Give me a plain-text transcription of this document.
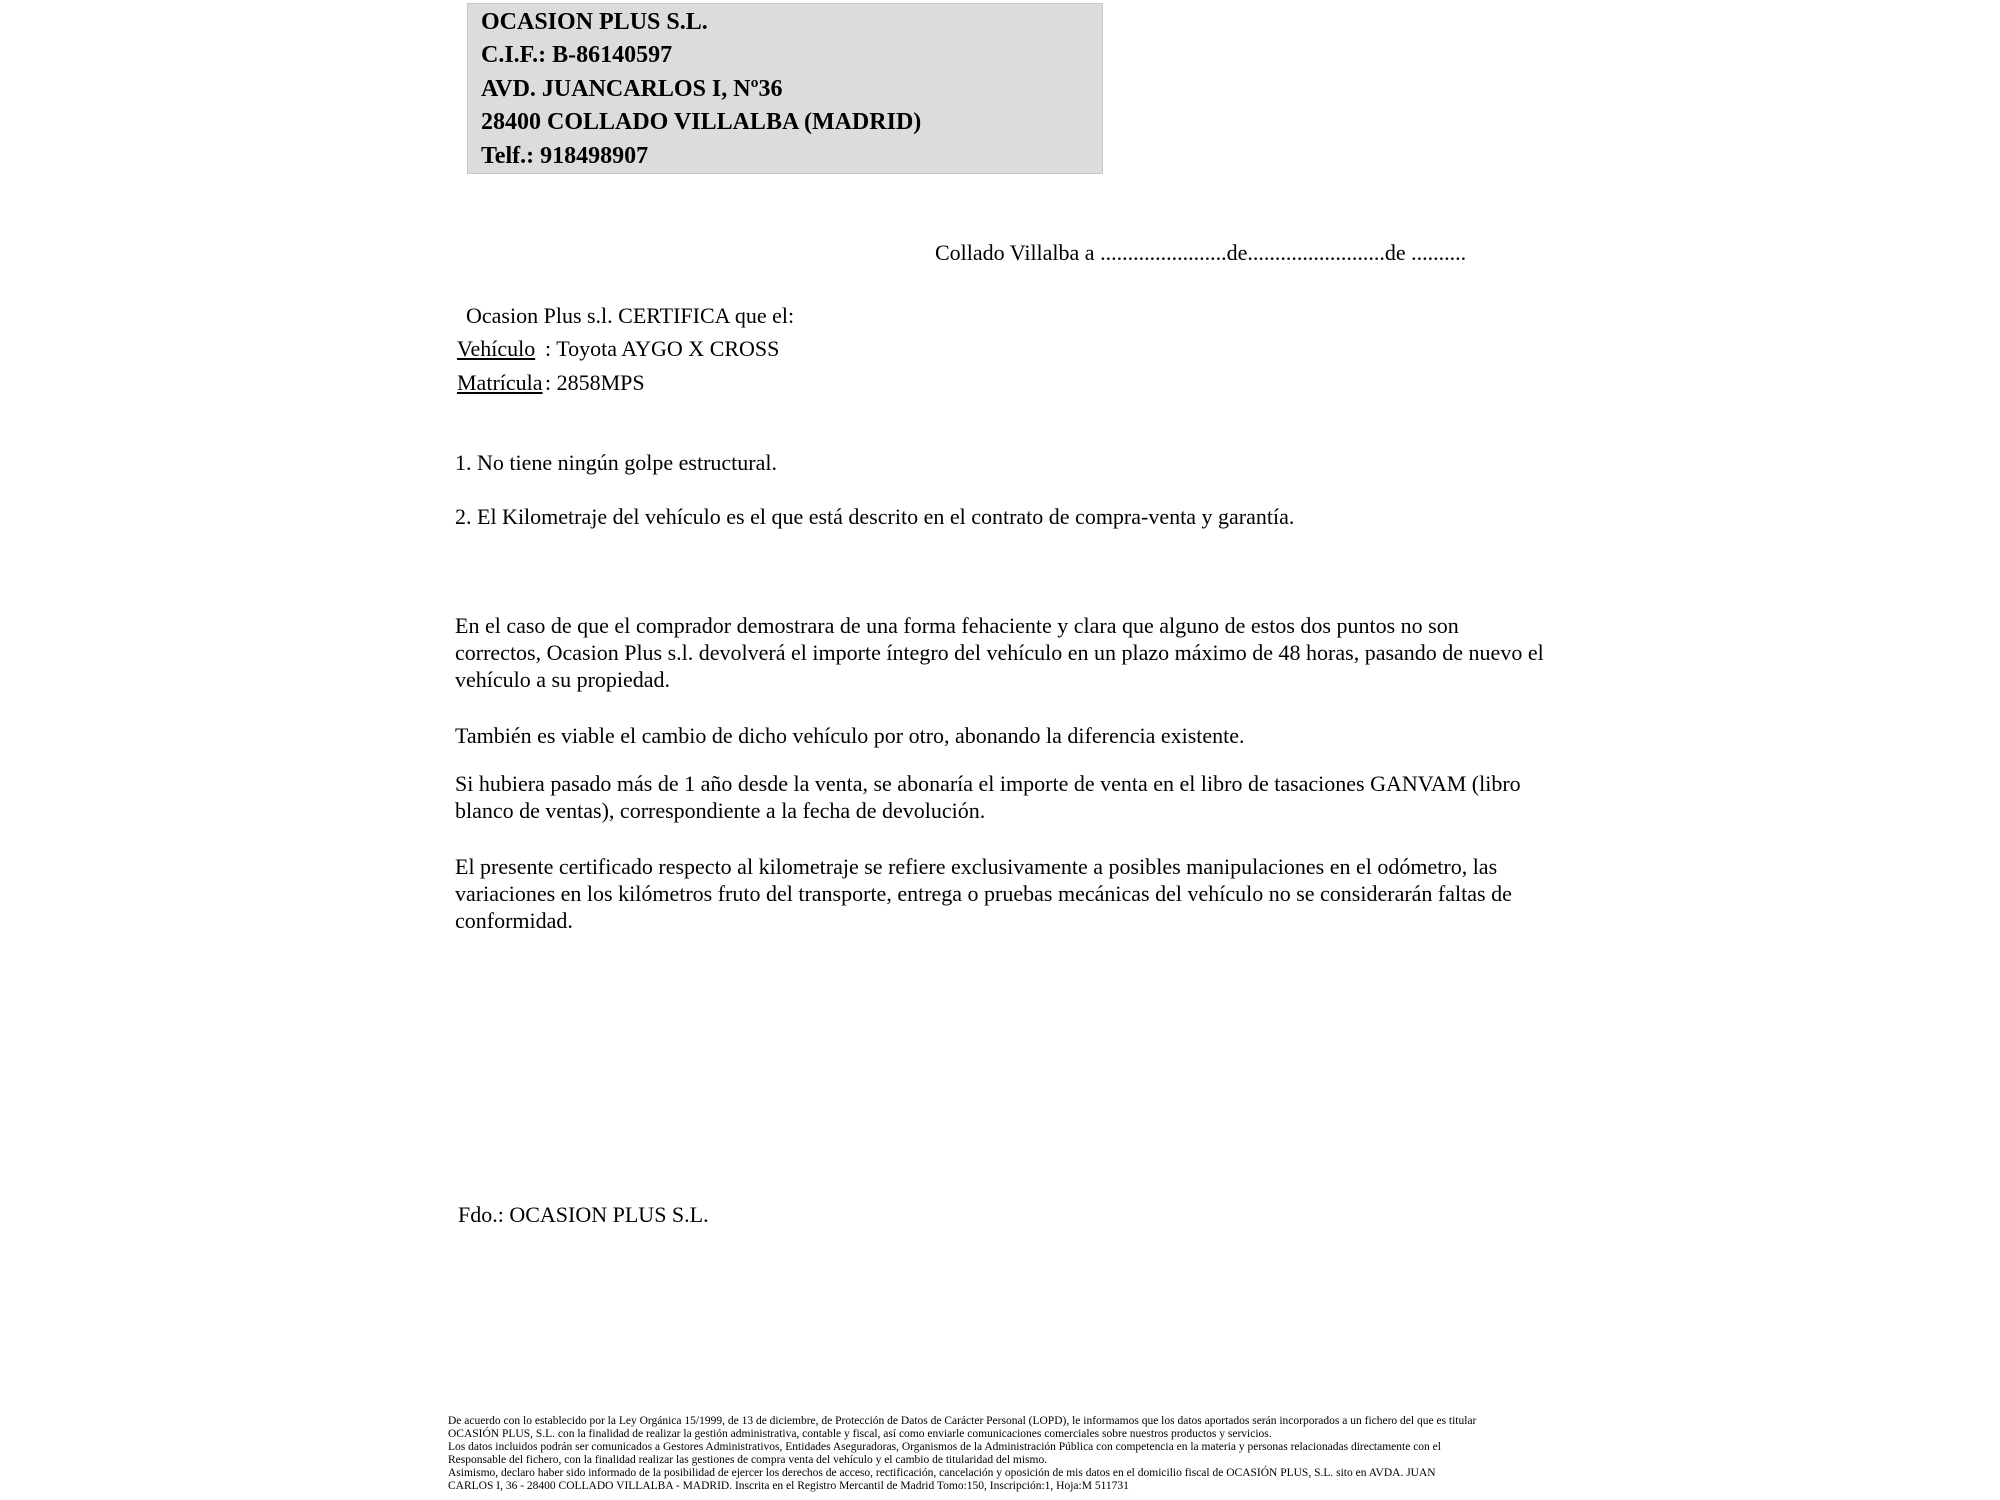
OCASION PLUS S.L.
C.I.F.: B-86140597
AVD. JUANCARLOS I, Nº36
28400 COLLADO VILLALBA (MADRID)
Telf.: 918498907
Collado Villalba a .......................de.........................de ..........
Ocasion Plus s.l. CERTIFICA que el:
Vehículo : Toyota AYGO X CROSS
Matrícula : 2858MPS
1. No tiene ningún golpe estructural.
2. El Kilometraje del vehículo es el que está descrito en el contrato de compra-venta y garantía.
En el caso de que el comprador demostrara de una forma fehaciente y clara que alguno de estos dos puntos no son correctos, Ocasion Plus s.l. devolverá el importe íntegro del vehículo en un plazo máximo de 48 horas, pasando de nuevo el vehículo a su propiedad.
También es viable el cambio de dicho vehículo por otro, abonando la diferencia existente.
Si hubiera pasado más de 1 año desde la venta, se abonaría el importe de venta en el libro de tasaciones GANVAM (libro blanco de ventas), correspondiente a la fecha de devolución.
El presente certificado respecto al kilometraje se refiere exclusivamente a posibles manipulaciones en el odómetro, las variaciones en los kilómetros fruto del transporte, entrega o pruebas mecánicas del vehículo no se considerarán faltas de conformidad.
Fdo.: OCASION PLUS S.L.
De acuerdo con lo establecido por la Ley Orgánica 15/1999, de 13 de diciembre, de Protección de Datos de Carácter Personal (LOPD), le informamos que los datos aportados serán incorporados a un fichero del que es titular
OCASIÓN PLUS, S.L. con la finalidad de realizar la gestión administrativa, contable y fiscal, así como enviarle comunicaciones comerciales sobre nuestros productos y servicios.
Los datos incluidos podrán ser comunicados a Gestores Administrativos, Entidades Aseguradoras, Organismos de la Administración Pública con competencia en la materia y personas relacionadas directamente con el
Responsable del fichero, con la finalidad realizar las gestiones de compra venta del vehículo y el cambio de titularidad del mismo.
Asimismo, declaro haber sido informado de la posibilidad de ejercer los derechos de acceso, rectificación, cancelación y oposición de mis datos en el domicilio fiscal de OCASIÓN PLUS, S.L. sito en AVDA. JUAN
CARLOS I, 36 - 28400 COLLADO VILLALBA - MADRID. Inscrita en el Registro Mercantil de Madrid Tomo:150, Inscripción:1, Hoja:M 511731
